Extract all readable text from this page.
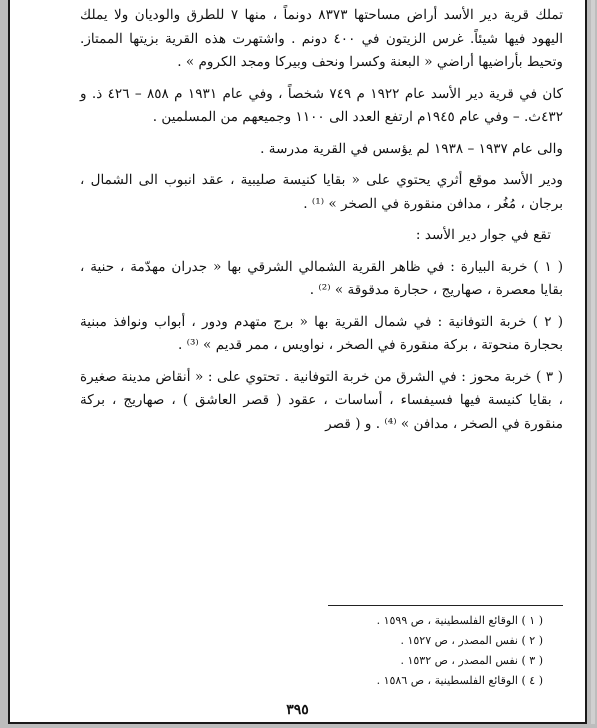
تملك قرية دير الأسد أراض مساحتها ٨٣٧٣ دونماً ، منها ٧ للطرق والوديان ولا يملك اليهود فيها شيئاً. غرس الزيتون في ٤٠٠ دونم . واشتهرت هذه القرية بزيتها الممتاز. وتحيط بأراضيها أراضي « البعنة وكسرا ونحف وبيركا ومجد الكروم » .

كان في قرية دير الأسد عام ١٩٢٢ م ٧٤٩ شخصاً ، وفي عام ١٩٣١ م ٨٥٨ – ٤٢٦ ذ. و ٤٣٢ث. – وفي عام ١٩٤٥م ارتفع العدد الى ١١٠٠ وجميعهم من المسلمين .

والى عام ١٩٣٧ – ١٩٣٨ لم يؤسس في القرية مدرسة .

ودير الأسد موقع أثري يحتوي على « بقايا كنيسة صليبية ، عقد انبوب الى الشمال ، برجان ، مُغُر ، مدافن منقورة في الصخر » ⁽¹⁾ .

تقع في جوار دير الأسد :

( ١ ) خربة البيارة : في ظاهر القرية الشمالي الشرقي بها « جدران مهدّمة ، حنية ، بقايا معصرة ، صهاريج ، حجارة مدقوقة » ⁽²⁾ .

( ٢ ) خربة التوفانية : في شمال القرية بها « برج متهدم ودور ، أبواب ونوافذ مبنية بحجارة منحوتة ، بركة منقورة في الصخر ، نواويس ، ممر قديم » ⁽³⁾ .

( ٣ ) خربة محوز : في الشرق من خربة التوفانية . تحتوي على : « أنقاض مدينة صغيرة ، بقايا كنيسة فيها فسيفساء ، أساسات ، عقود ( قصر العاشق ) ، صهاريج ، بركة منقورة في الصخر ، مدافن » ⁽⁴⁾ . و ( قصر

( ١ ) الوقائع الفلسطينية ، ص ١٥٩٩ .
( ٢ ) نفس المصدر ، ص ١٥٢٧ .
( ٣ ) نفس المصدر ، ص ١٥٣٢ .
( ٤ ) الوقائع الفلسطينية ، ص ١٥٨٦ .
٣٩٥
